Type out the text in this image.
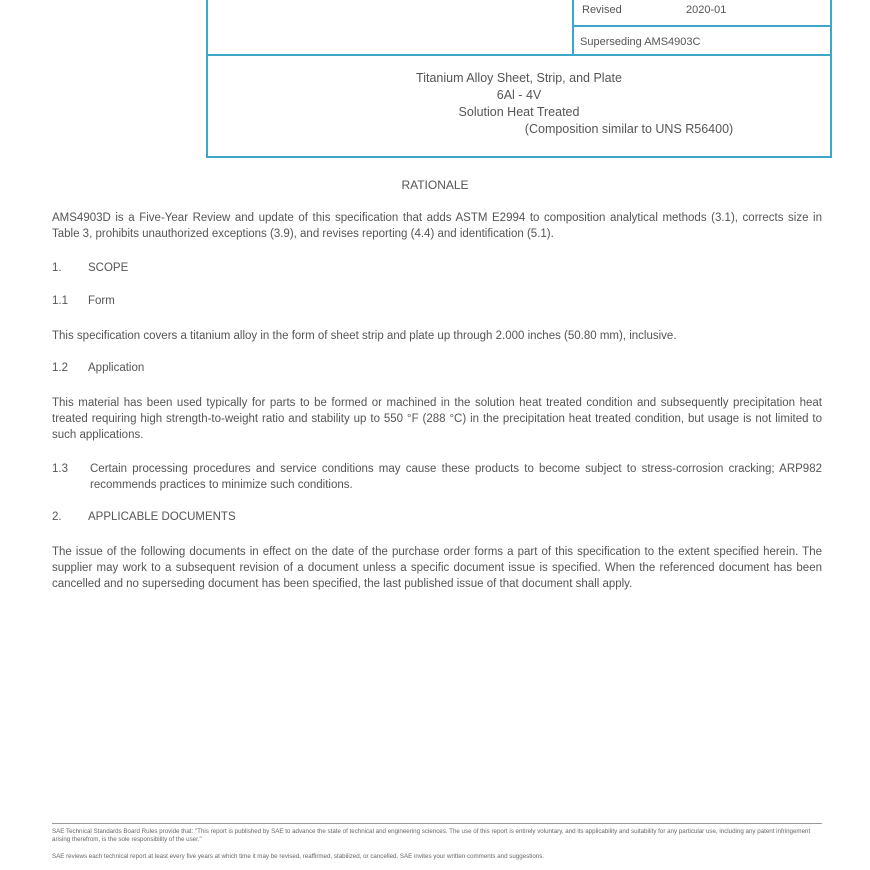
Revised	2020-01
Superseding AMS4903C
Titanium Alloy Sheet, Strip, and Plate
6Al - 4V
Solution Heat Treated
(Composition similar to UNS R56400)
RATIONALE
AMS4903D is a Five-Year Review and update of this specification that adds ASTM E2994 to composition analytical methods (3.1), corrects size in Table 3, prohibits unauthorized exceptions (3.9), and revises reporting (4.4) and identification (5.1).
1. SCOPE
1.1 Form
This specification covers a titanium alloy in the form of sheet strip and plate up through 2.000 inches (50.80 mm), inclusive.
1.2 Application
This material has been used typically for parts to be formed or machined in the solution heat treated condition and subsequently precipitation heat treated requiring high strength-to-weight ratio and stability up to 550 °F (288 °C) in the precipitation heat treated condition, but usage is not limited to such applications.
1.3	Certain processing procedures and service conditions may cause these products to become subject to stress-corrosion cracking; ARP982 recommends practices to minimize such conditions.
2. APPLICABLE DOCUMENTS
The issue of the following documents in effect on the date of the purchase order forms a part of this specification to the extent specified herein. The supplier may work to a subsequent revision of a document unless a specific document issue is specified. When the referenced document has been cancelled and no superseding document has been specified, the last published issue of that document shall apply.
SAE Technical Standards Board Rules provide that: "This report is published by SAE to advance the state of technical and engineering sciences. The use of this report is entirely voluntary, and its applicability and suitability for any particular use, including any patent infringement arising therefrom, is the sole responsibility of the user."
SAE reviews each technical report at least every five years at which time it may be revised, reaffirmed, stabilized, or cancelled. SAE invites your written comments and suggestions.
